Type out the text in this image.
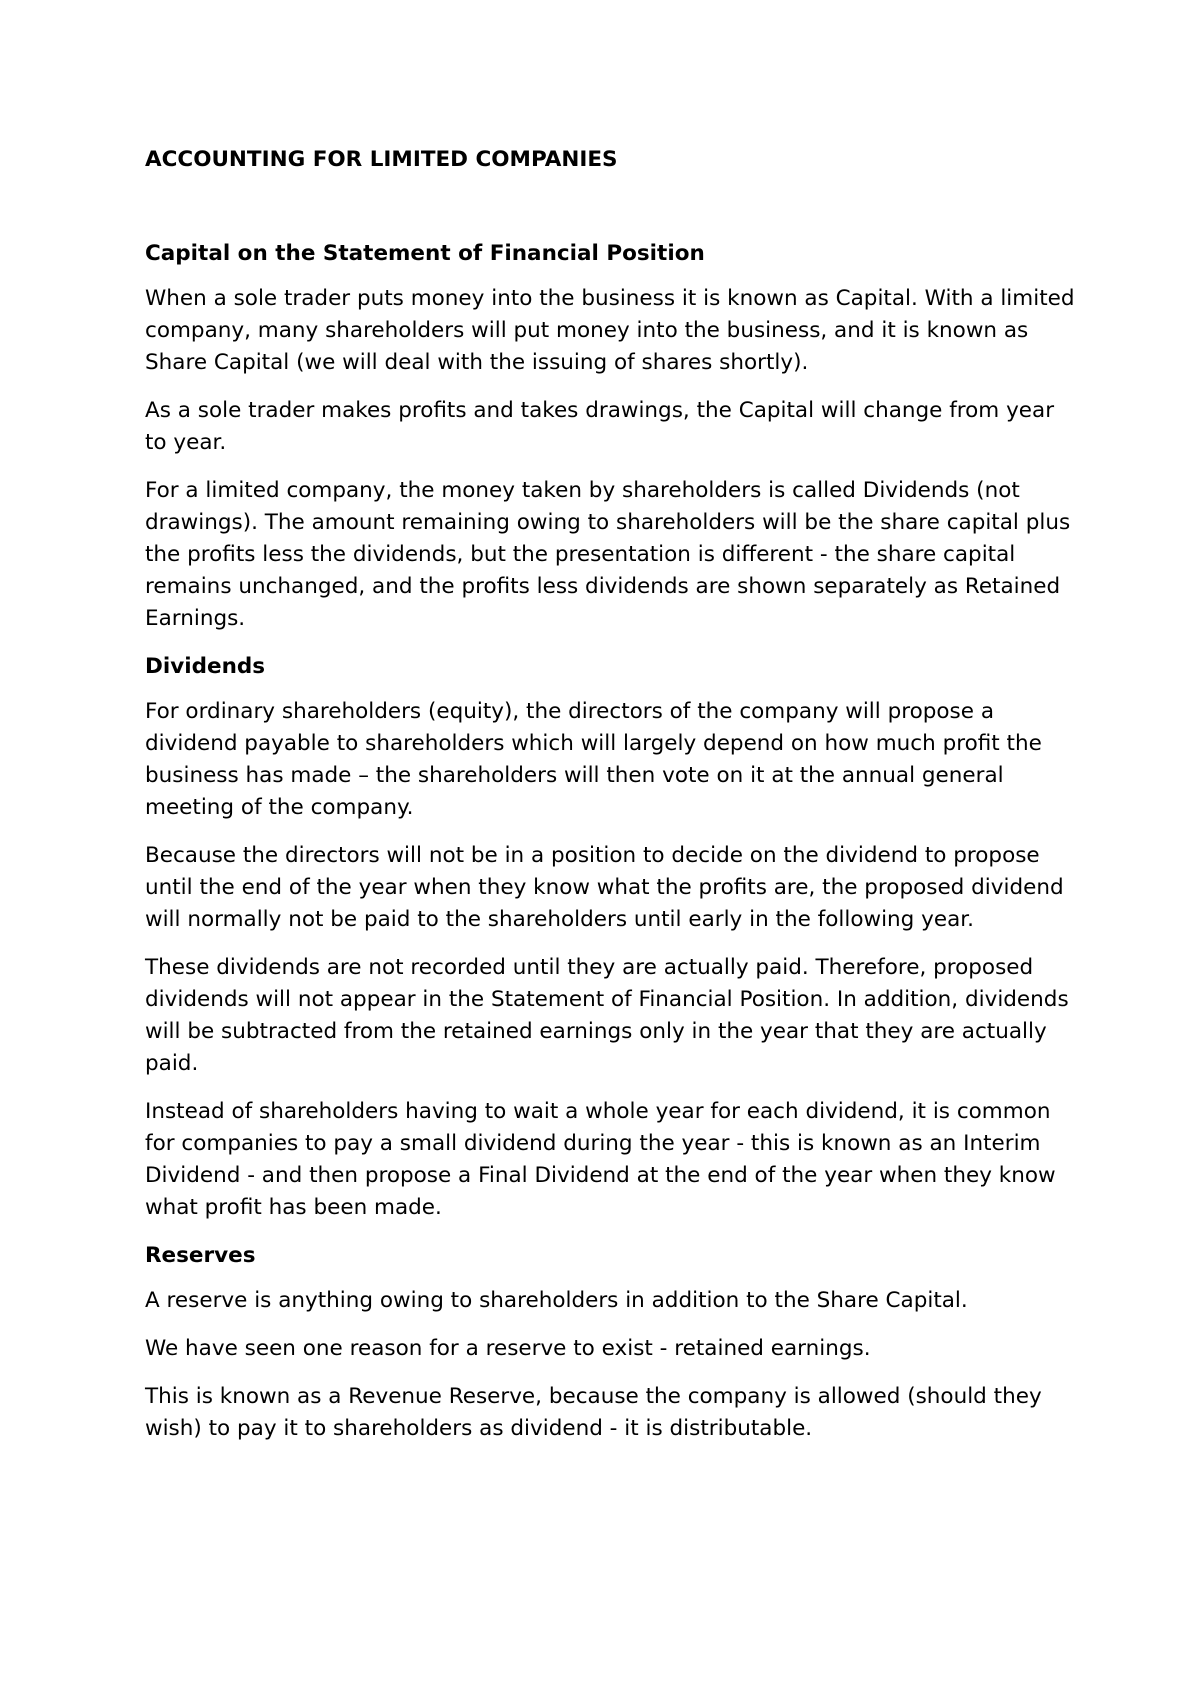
ACCOUNTING FOR LIMITED COMPANIES
Capital on the Statement of Financial Position

When a sole trader puts money into the business it is known as Capital. With a limited company, many shareholders will put money into the business, and it is known as Share Capital (we will deal with the issuing of shares shortly).

As a sole trader makes profits and takes drawings, the Capital will change from year to year.

For a limited company, the money taken by shareholders is called Dividends (not drawings). The amount remaining owing to shareholders will be the share capital plus the profits less the dividends, but the presentation is different - the share capital remains unchanged, and the profits less dividends are shown separately as Retained Earnings.

Dividends

For ordinary shareholders (equity), the directors of the company will propose a dividend payable to shareholders which will largely depend on how much profit the business has made – the shareholders will then vote on it at the annual general meeting of the company.

Because the directors will not be in a position to decide on the dividend to propose until the end of the year when they know what the profits are, the proposed dividend will normally not be paid to the shareholders until early in the following year.

These dividends are not recorded until they are actually paid. Therefore, proposed dividends will not appear in the Statement of Financial Position. In addition, dividends will be subtracted from the retained earnings only in the year that they are actually paid.

Instead of shareholders having to wait a whole year for each dividend, it is common for companies to pay a small dividend during the year - this is known as an Interim Dividend - and then propose a Final Dividend at the end of the year when they know what profit has been made.

Reserves

A reserve is anything owing to shareholders in addition to the Share Capital.

We have seen one reason for a reserve to exist - retained earnings.

This is known as a Revenue Reserve, because the company is allowed (should they wish) to pay it to shareholders as dividend - it is distributable.
